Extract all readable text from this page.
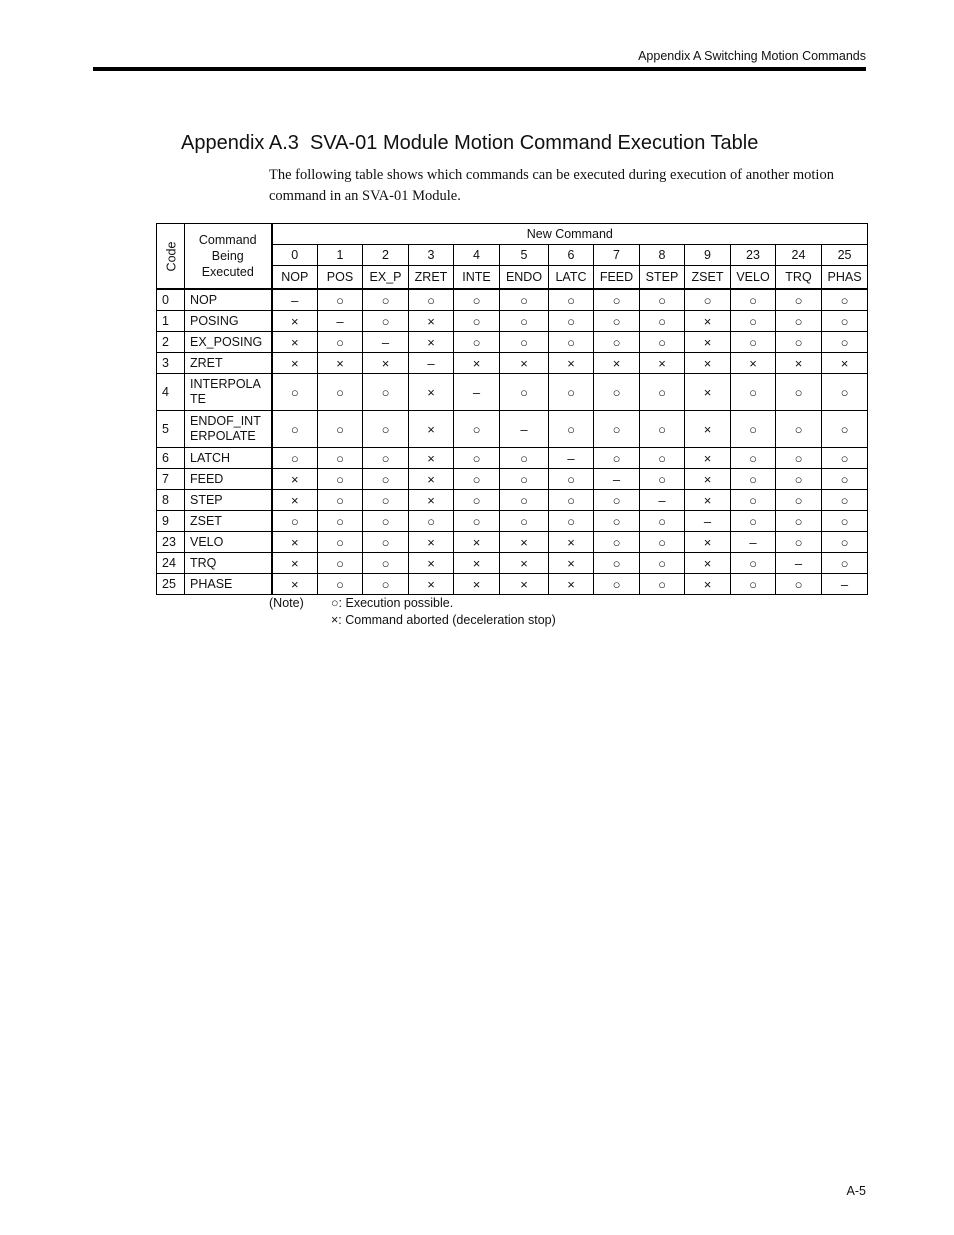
Appendix A Switching Motion Commands
Appendix A.3  SVA-01 Module Motion Command Execution Table

The following table shows which commands can be executed during execution of another motion command in an SVA-01 Module.

Code	Command
Being
Executed	New Command												
		0	1	2	3	4	5	6	7	8	9	23	24	25
		NOP	POS	EX_P	ZRET	INTE	ENDO	LATC	FEED	STEP	ZSET	VELO	TRQ	PHAS
0	NOP	–	○	○	○	○	○	○	○	○	○	○	○	○
1	POSING	×	–	○	×	○	○	○	○	○	×	○	○	○
2	EX_POSING	×	○	–	×	○	○	○	○	○	×	○	○	○
3	ZRET	×	×	×	–	×	×	×	×	×	×	×	×	×
4	INTERPOLA
TE	○	○	○	×	–	○	○	○	○	×	○	○	○
5	ENDOF_INT
ERPOLATE	○	○	○	×	○	–	○	○	○	×	○	○	○
6	LATCH	○	○	○	×	○	○	–	○	○	×	○	○	○
7	FEED	×	○	○	×	○	○	○	–	○	×	○	○	○
8	STEP	×	○	○	×	○	○	○	○	–	×	○	○	○
9	ZSET	○	○	○	○	○	○	○	○	○	–	○	○	○
23	VELO	×	○	○	×	×	×	×	○	○	×	–	○	○
24	TRQ	×	○	○	×	×	×	×	○	○	×	○	–	○
25	PHASE	×	○	○	×	×	×	×	○	○	×	○	○	–
(Note) ○: Execution possible.
×: Command aborted (deceleration stop)
A-5
